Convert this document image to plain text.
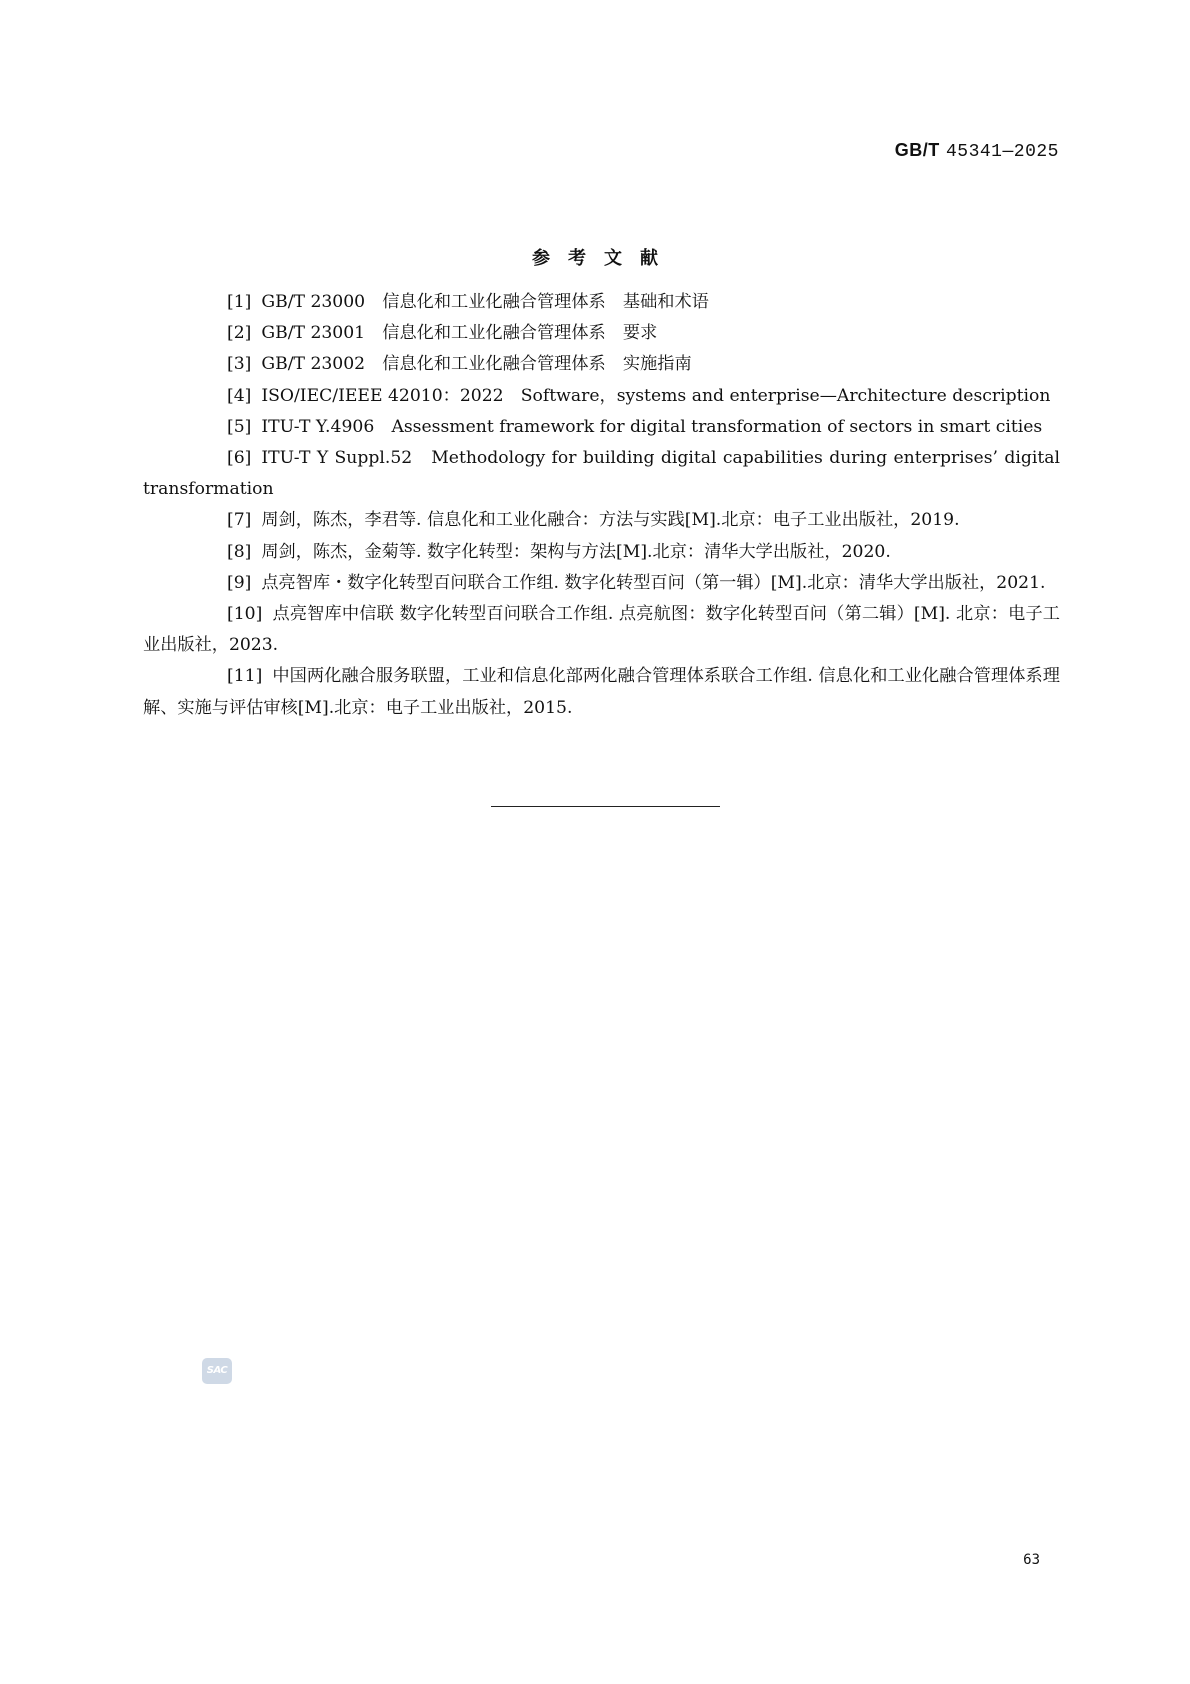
GB/T 45341—2025
参考文献

[1] GB/T 23000　信息化和工业化融合管理体系　基础和术语

[2] GB/T 23001　信息化和工业化融合管理体系　要求

[3] GB/T 23002　信息化和工业化融合管理体系　实施指南

[4] ISO/IEC/IEEE 42010：2022　Software，systems and enterprise—Architecture description

[5] ITU-T Y.4906　Assessment framework for digital transformation of sectors in smart cities

[6] ITU-T Y Suppl.52　Methodology for building digital capabilities during enterprises’ digital transformation

[7] 周剑，陈杰，李君等. 信息化和工业化融合：方法与实践[M].北京：电子工业出版社，2019.

[8] 周剑，陈杰，金菊等. 数字化转型：架构与方法[M].北京：清华大学出版社，2020.

[9] 点亮智库・数字化转型百问联合工作组. 数字化转型百问（第一辑）[M].北京：清华大学出版社，2021.

[10] 点亮智库中信联 数字化转型百问联合工作组. 点亮航图：数字化转型百问（第二辑）[M]. 北京：电子工业出版社，2023.

[11] 中国两化融合服务联盟，工业和信息化部两化融合管理体系联合工作组. 信息化和工业化融合管理体系理解、实施与评估审核[M].北京：电子工业出版社，2015.

SAC
63
